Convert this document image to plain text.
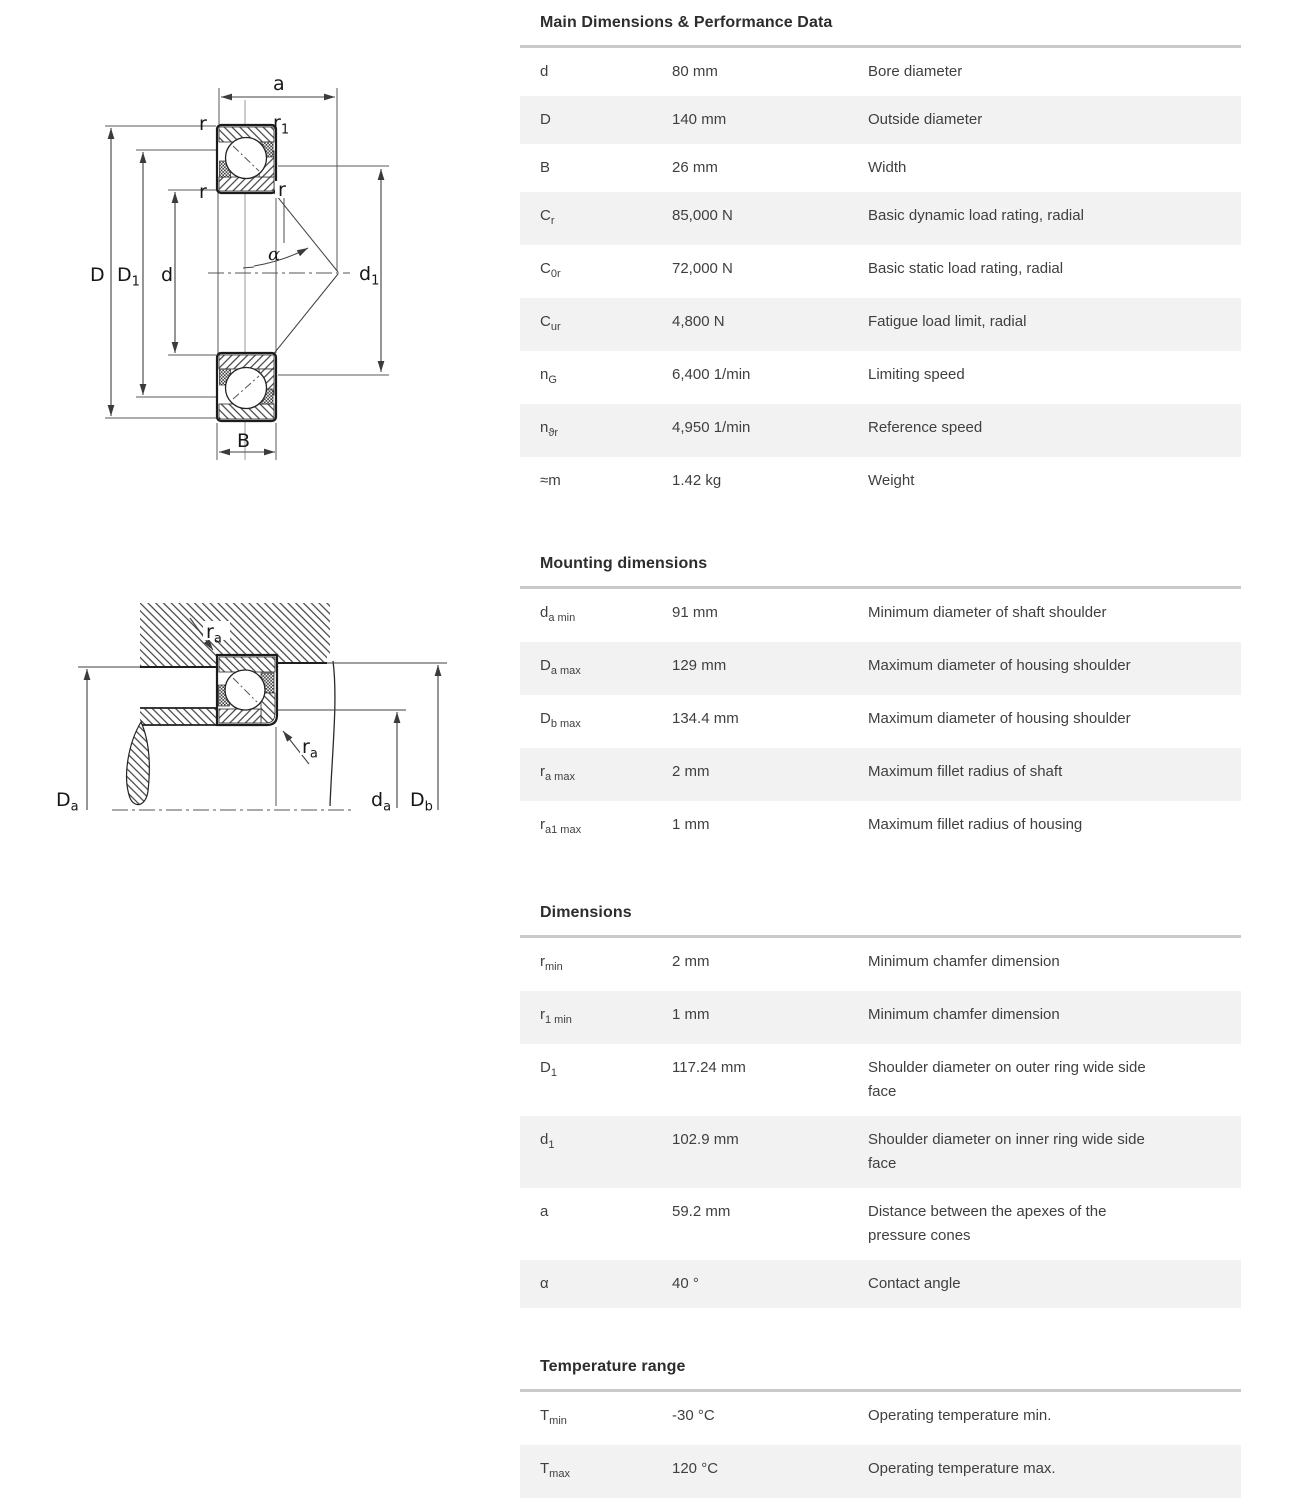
a
r	$r_1$
r	r
D $D_1$ d	$d_1$
α
B
$r_a$
$r_a$
$D_a$	$d_a$ $D_b$
Main Dimensions & Performance Data
d	80 mm	Bore diameter
D	140 mm	Outside diameter
B	26 mm	Width
$C_r$	85,000 N	Basic dynamic load rating, radial
$C_{0r}$	72,000 N	Basic static load rating, radial
$C_{ur}$	4,800 N	Fatigue load limit, radial
$n_G$	6,400 1/min	Limiting speed
$n_{ϑr}$	4,950 1/min	Reference speed
≈m	1.42 kg	Weight
Mounting dimensions
$d_{a min}$	91 mm	Minimum diameter of shaft shoulder
$D_{a max}$	129 mm	Maximum diameter of housing shoulder
$D_{b max}$	134.4 mm	Maximum diameter of housing shoulder
$r_{a max}$	2 mm	Maximum fillet radius of shaft
$r_{a1 max}$	1 mm	Maximum fillet radius of housing
Dimensions
$r_{min}$	2 mm	Minimum chamfer dimension
$r_{1 min}$	1 mm	Minimum chamfer dimension
$D_1$	117.24 mm	Shoulder diameter on outer ring wide side face
$d_1$	102.9 mm	Shoulder diameter on inner ring wide side face
a	59.2 mm	Distance between the apexes of the pressure cones
α	40 °	Contact angle
Temperature range
$T_{min}$	-30 °C	Operating temperature min.
$T_{max}$	120 °C	Operating temperature max.
